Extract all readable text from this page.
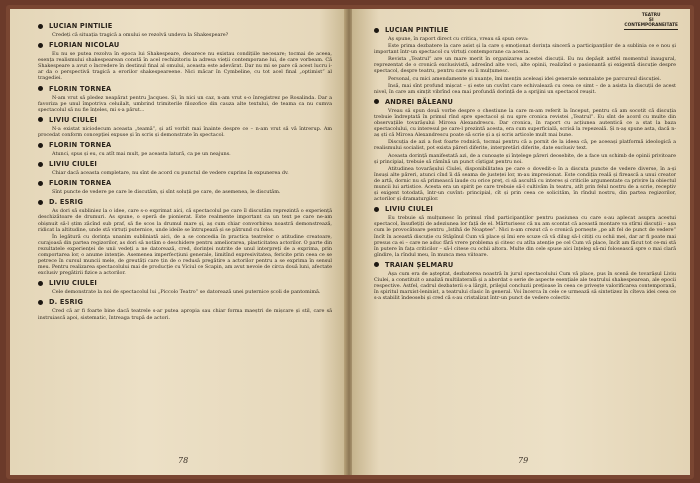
LUCIAN PINTILIE

Credeți că situația tragică a omului se rezolvă undeva la Shakespeare?

FLORIAN NICOLAU

Eu nu se putea rezolva în epoca lui Shakespeare, deoarece nu existau condițiile necesare; tocmai de aceea, esența realismului shakespearean constă în acel rechizitoriu la adresa vieții contemporane lui, de care vorbeam. Că Shakespeare a avut o încredere în destinul final al omului, aceasta este adevărat. Dar nu mi se pare că acest lucru i-ar da o perspectivă tragică a erorilor shakespeareene. Nici măcar în Cymbeline, cu tot acel final „optimist” al tragediei.

FLORIN TORNEA

N-am vrut să pledez neapărat pentru Jacques. Și, în nici un caz, n-am vrut s-o înregistrez pe Rosalinda. Dar a favoriza pe unul împotriva celuilalt, umbrind trimiterile filozofice din cauza alte textului, de teama ca nu cumva spectacolul să nu fie înțeles, mi s-a părut...

LIVIU CIULEI

N-a existat niciodecum aceasta „teamă”, și atî vorbit mai înainte despre ce – n-am vrut să vă întrerup. Am procedat conform concepției expuse și în scris și demonstrate în spectacol.

FLORIN TORNEA

Atunci, spus și eu, cu atît mai mult, pe aceasta latură, ca pe un neajuns.

LIVIU CIULEI

Chiar dacă aceasta completare, nu sînt de acord cu punctul de vedere cuprins în expunerea dv.

FLORIN TORNEA

Sînt puncte de vedere pe care le discutăm, și sînt soluții pe care, de asemenea, le discutăm.

D. ESRIG

As dori să subliniez la o idee, care s-o exprimat aici, că spectacolul pe care îl discutăm reprezintă o experiență deschizătoare de drumuri. As spune, o operă de pionierat. Este realmente important ca un text pe care ne-am obișnuit să-l știm zăcînd sub praf, să fie scos la drumul mare și, aș cum chiar convorbirea noastră demonstrează, ridicat la altitudine, unde stă virtuți puternice, unde ideile se întrupează și se pătrund cu folos.

În legătură cu dorința unanim subliniată aici, de a se concedia în practica teatrelor o atitudine creatoare, curajoasă din partea regizorilor, as dori să notăm o deschidere pentru ameliorarea, plasticitatea actorilor. O parte din rezultatele experienței de unii vedeți a ne datorează, cred, dorinței nutrite de unul interpreți de a exprima, prin comportarea lor, o anume intenție. Asemenea imperfecțiuni generale, limitînd expresivitatea, fericite prin ceea ce se petrece în cursul muncii mele, de greutăți care țin de o redusă pregătire a actorilor pentru a se exprima în sensul meu. Pentru realizarea spectacolului mai de producție cu Viciul ce Scapin, am avut nevoie de circa două luni, afectate exclusiv pregătirii fizice a actorilor.

LIVIU CIULEI

Cele demonstrate la noi de spectacolul lui „Piccolo Teatro” se datorează unei puternice școli de pantomimă.

D. ESRIG

Cred că ar fi foarte bine dacă teatrele s-ar putea apropia sau chiar forma maeștri de mișcare și stil, care să instruiască apoi, sistematic, întreaga trupă de actori.

78
TEATRU
ȘI
CONTEMPORANEITATE
LUCIAN PINTILIE

Aș spune, în raport direct cu critica, vreau să spun ceva:

Este prima dezbatere la care asist și la care ș emoționat dorința sinceră a participanților de a sublinia ce e nou și important într-un spectacol cu virtuți contemporane ca acesta.

Revista „Teatrul” are un mare merit în organizarea acestei discuții. Eu nu depășit astfel momentul inaugural, reprezentat de o cronică exclusivistă, adresînd alte voci, alte opinii, realizînd o pasionantă și exigentă discuție despre spectacol, despre teatru, pentru care eu îi mulțumesc.

Personal, cu mici amendamente și nuanțe, îmi mențin aceleași idei generale semnalate pe parcursul discuției.

Insă, mai sînt profund mișcat – și este un cuvînt care echivalează cu ceea ce simt – de a asista la discuții de acest nivel, în care am simțit vibrînd cea mai profundă dorință de a sprijini un spectacol reușit.

ANDREI BĂLEANU

Vreau să spun două vorbe despre o chestiune la care m-am referit la început, pentru că am socotit că discuția trebuie îndreptată în primul rînd spre spectacol și nu spre cronica revistei „Teatrul”. Eu sînt de acord cu multe din observațiile tovarășului Mircea Alexandrescu. Dar cronica, în raport cu acțiunea autentică ce a stat la baza spectacolului, cu interesul pe care-l prezintă acesta, era cum superficială, scrisă la repezeală. Și n-aș spune asta, dacă n-aș ști că Mircea Alexandrescu poate să scrie și a și scris articole mult mai bune.

Discuția de azi a fost foarte rodnică, tocmai pentru că a pornit de la ideea că, pe aceeași platformă ideologică a realismului socialist, pot exista păreri diferite, interpretări diferite, date exclusiv text.

Aceasta dorință manifestată azi, de a cunoaște și înțelege păreri deosebite, de a face un schimb de opinii privitoare și principial, trebuie să rămînă un punct cîștigat pentru noi.

Atitudinea tovarășului Ciulei, disponibilitatea pe care o dovedit-o în a discuta puncte de vedere diverse, în a-și însuși alte păreri, atunci cînd îi dă seama de justeței lor, m-au impresionat. Este condiția reală și firească a unui creator de artă, dornic nu să primească laude cu orice preț, ci să ascultă cu interes și criticile argumentate ca privire la obiectul muncii lui artistice. Acesta era un spirit pe care trebuie să-l cultivăm în teatru, atît prin felul nostru de a scrie, receptiv și exigent totodată, într-un cuvînt: principial, cît și prin ceea ce solicităm, în rîndul nostru, din partea regizorilor, actorilor și dramaturgilor.

LIVIU CIULEI

Eu trebuie să mulțumesc în primul rînd participanților pentru pasiunea cu care s-au aplecat asupra acestui spectacol, însuflețiți de adeziunea lor față de el. Mărturisesc că nu am scontat că această montare va stîrni discuții – așa cum le provocătoare pentru „Istihă de Noaptee”. Nici n-am crezut că o cronică pornește „pe alt fel de punct de vedere” încît în această discuție cu Stăpînul Cum vă place și îmi ere scuze că vă dilug să-l citiți cu ochii mei, dar ar fi poate mai presus ca ei – care ne aduc fără vrere problema și citesc cu atîta atenție pe cel Cum vă place, încît am făcut tot ce-mi stă în putere în fața criticilor – să-l citese cu ochii altora. Multe din cele spuse aici înțeleg să-mi folosească spre o mai clară gîndire, la rîndul meu, în munca mea viitoare.

TRAIAN ȘELMARU

Așa cum era de așteptat, dezbaterea noastră în jurul spectacolului Cum vă place, pus în scenă de tovarășul Liviu Ciulei, a constituit o analiză multilaterală și a abordat o serie de aspecte esențiale ale teatrului shakespearean, ale epocii respective. Astfel, cadrul dezbaterii s-a lărgit, prilejul concluzii prețioase în ceea ce privește valorificarea contemporană, în spiritul marxist-leninist, a teatrului clasic în general. Voi încerca în cele ce urmează să sintetizez în cîteva idei ceea ce s-a stabilit îndeosebi și cred că s-au cristalizat într-un punct de vedere colectiv.

79
